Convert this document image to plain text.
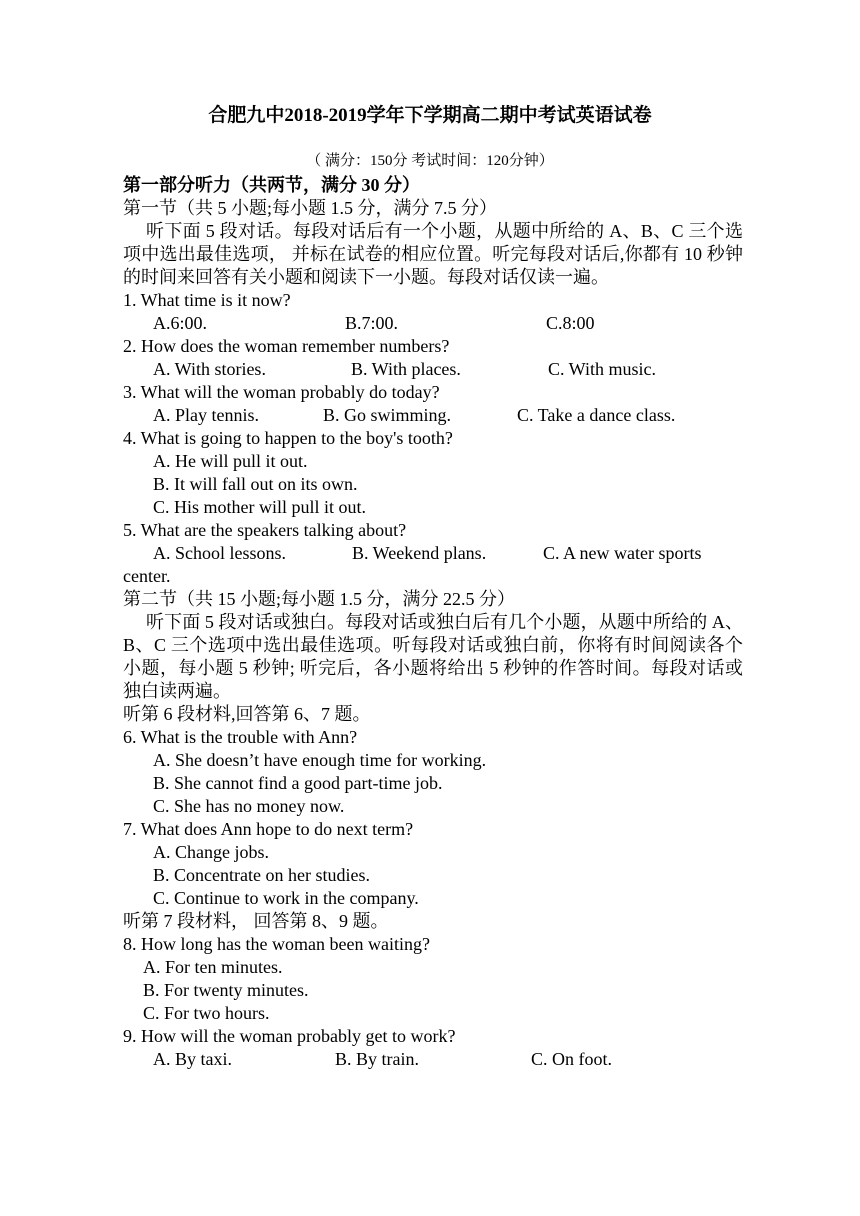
合肥九中2018-2019学年下学期高二期中考试英语试卷
（ 满分：150分 考试时间：120分钟）
第一部分听力（共两节，满分 30 分）
第一节（共 5 小题;每小题 1.5 分，满分 7.5 分）
听下面 5 段对话。每段对话后有一个小题，从题中所给的 A、B、C 三个选项中选出最佳选项， 并标在试卷的相应位置。听完每段对话后,你都有 10 秒钟的时间来回答有关小题和阅读下一小题。每段对话仅读一遍。
1. What time is it now?
A.6:00.	B.7:00.	C.8:00
2. How does the woman remember numbers?
A. With stories.	B. With places.	C. With music.
3. What will the woman probably do today?
A. Play tennis.	B. Go swimming.	C. Take a dance class.
4. What is going to happen to the boy's tooth?
A. He will pull it out.
B. It will fall out on its own.
C. His mother will pull it out.
5. What are the speakers talking about?
A. School lessons.	B. Weekend plans.	C. A new water sports
center.
第二节（共 15 小题;每小题 1.5 分，满分 22.5 分）
听下面 5 段对话或独白。每段对话或独白后有几个小题，从题中所给的 A、B、C 三个选项中选出最佳选项。听每段对话或独白前，你将有时间阅读各个小题，每小题 5 秒钟; 听完后，各小题将给出 5 秒钟的作答时间。每段对话或独白读两遍。
听第 6 段材料,回答第 6、7 题。
6. What is the trouble with Ann?
A. She doesn’t have enough time for working.
B. She cannot find a good part-time job.
C. She has no money now.
7. What does Ann hope to do next term?
A. Change jobs.
B. Concentrate on her studies.
C. Continue to work in the company.
听第 7 段材料， 回答第 8、9 题。
8. How long has the woman been waiting?
A. For ten minutes.
B. For twenty minutes.
C. For two hours.
9. How will the woman probably get to work?
A. By taxi.	B. By train.	C. On foot.
